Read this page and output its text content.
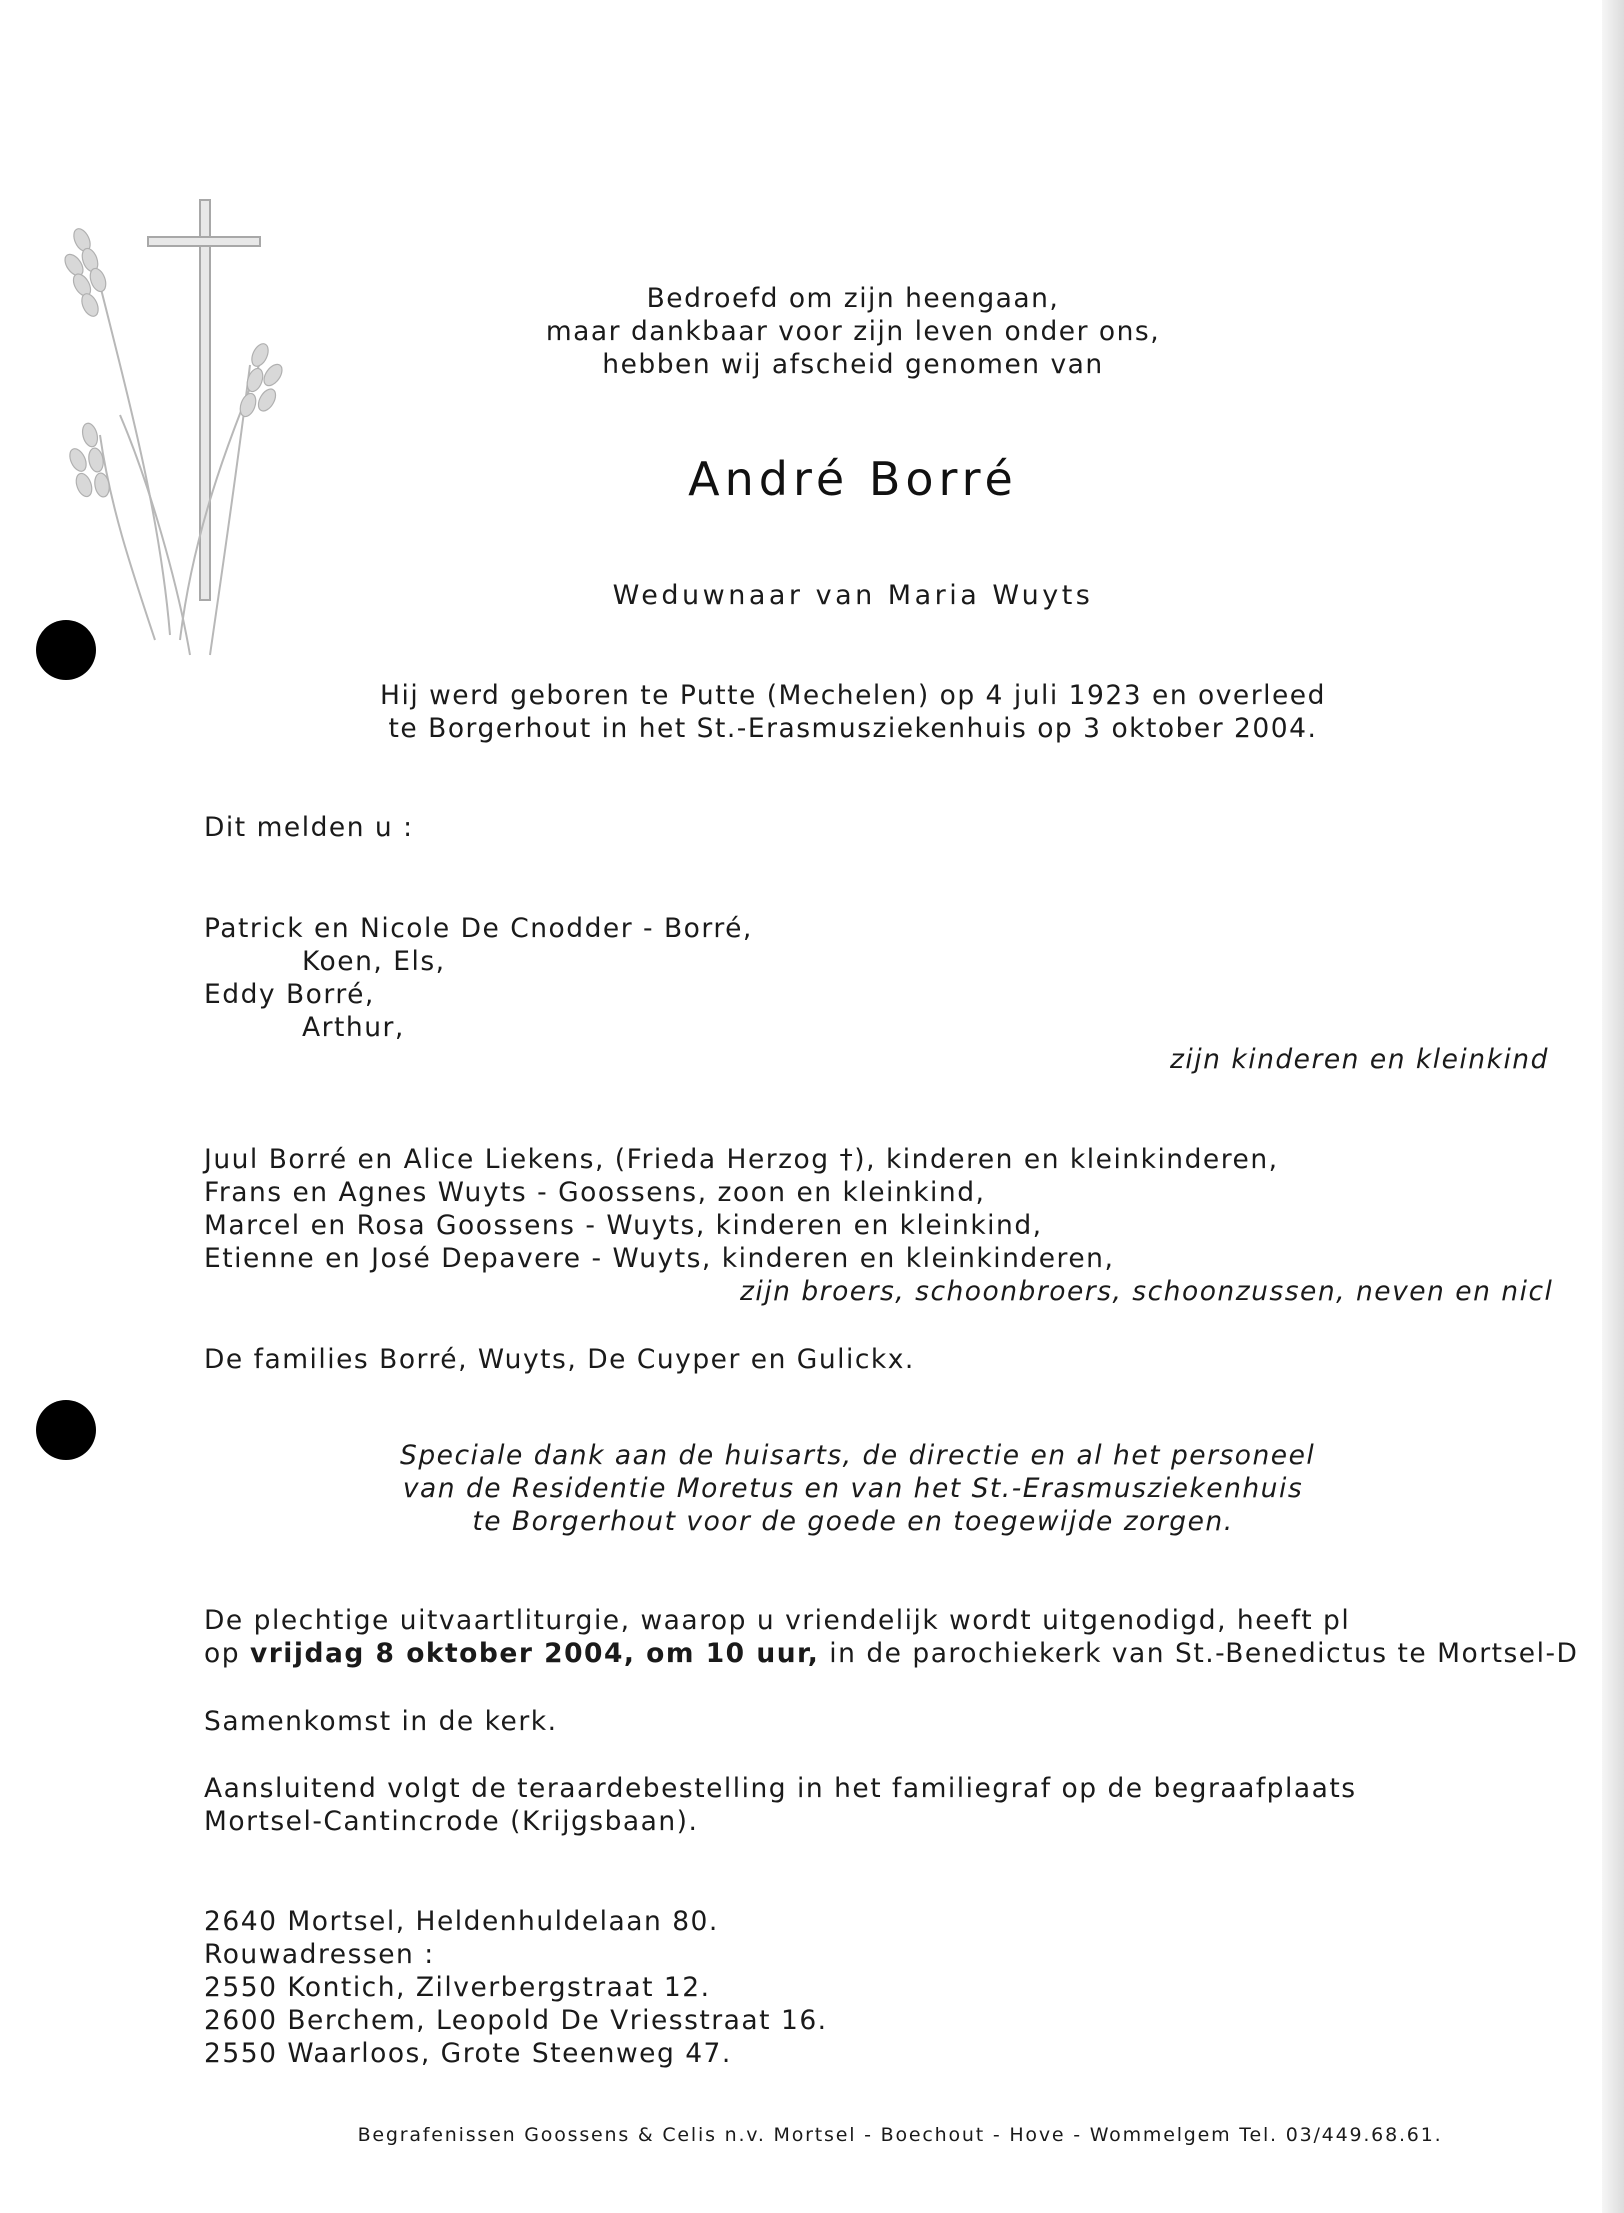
Bedroefd om zijn heengaan,
maar dankbaar voor zijn leven onder ons,
hebben wij afscheid genomen van
André Borré
Weduwnaar van Maria Wuyts
Hij werd geboren te Putte (Mechelen) op 4 juli 1923 en overleed
te Borgerhout in het St.-Erasmusziekenhuis op 3 oktober 2004.
Dit melden u :
Patrick en Nicole De Cnodder - Borré,
Koen, Els,
Eddy Borré,
Arthur,
zijn kinderen en kleinkind
Juul Borré en Alice Liekens, (Frieda Herzog †), kinderen en kleinkinderen,
Frans en Agnes Wuyts - Goossens, zoon en kleinkind,
Marcel en Rosa Goossens - Wuyts, kinderen en kleinkind,
Etienne en José Depavere - Wuyts, kinderen en kleinkinderen,
zijn broers, schoonbroers, schoonzussen, neven en nicl
De families Borré, Wuyts, De Cuyper en Gulickx.
Speciale dank aan de huisarts, de directie en al het personeel
van de Residentie Moretus en van het St.-Erasmusziekenhuis
te Borgerhout voor de goede en toegewijde zorgen.
De plechtige uitvaartliturgie, waarop u vriendelijk wordt uitgenodigd, heeft pl
op vrijdag 8 oktober 2004, om 10 uur, in de parochiekerk van St.-Benedictus te Mortsel-D
Samenkomst in de kerk.
Aansluitend volgt de teraardebestelling in het familiegraf op de begraafplaats
Mortsel-Cantincrode (Krijgsbaan).
2640 Mortsel, Heldenhuldelaan 80.
Rouwadressen :
2550 Kontich, Zilverbergstraat 12.
2600 Berchem, Leopold De Vriesstraat 16.
2550 Waarloos, Grote Steenweg 47.
Begrafenissen Goossens & Celis n.v. Mortsel - Boechout - Hove - Wommelgem Tel. 03/449.68.61.
